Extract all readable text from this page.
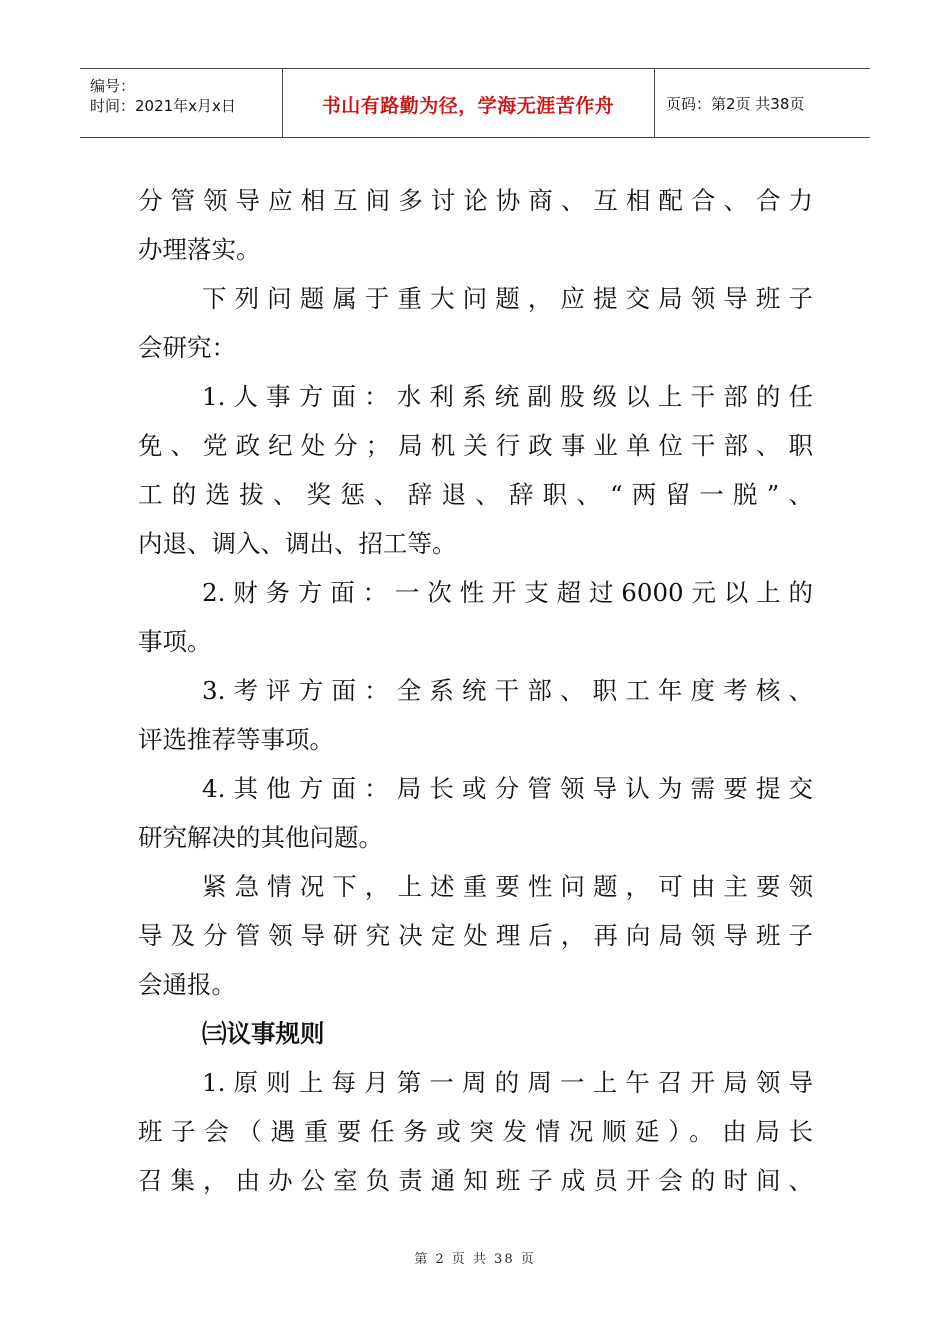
编号：
时间：2021年x月x日	书山有路勤为径，学海无涯苦作舟	页码：第2页 共38页
分管领导应相互间多讨论协商、互相配合、合力
办理落实。
下列问题属于重大问题，应提交局领导班子
会研究：
1.人事方面：水利系统副股级以上干部的任
免、党政纪处分；局机关行政事业单位干部、职
工的选拔、奖惩、辞退、辞职、“两留一脱”、
内退、调入、调出、招工等。
2.财务方面：一次性开支超过6000元以上的
事项。
3.考评方面：全系统干部、职工年度考核、
评选推荐等事项。
4.其他方面：局长或分管领导认为需要提交
研究解决的其他问题。
紧急情况下，上述重要性问题，可由主要领
导及分管领导研究决定处理后，再向局领导班子
会通报。
㈢议事规则
1.原则上每月第一周的周一上午召开局领导
班子会（遇重要任务或突发情况顺延）。由局长
召集，由办公室负责通知班子成员开会的时间、
第 2 页 共 38 页
